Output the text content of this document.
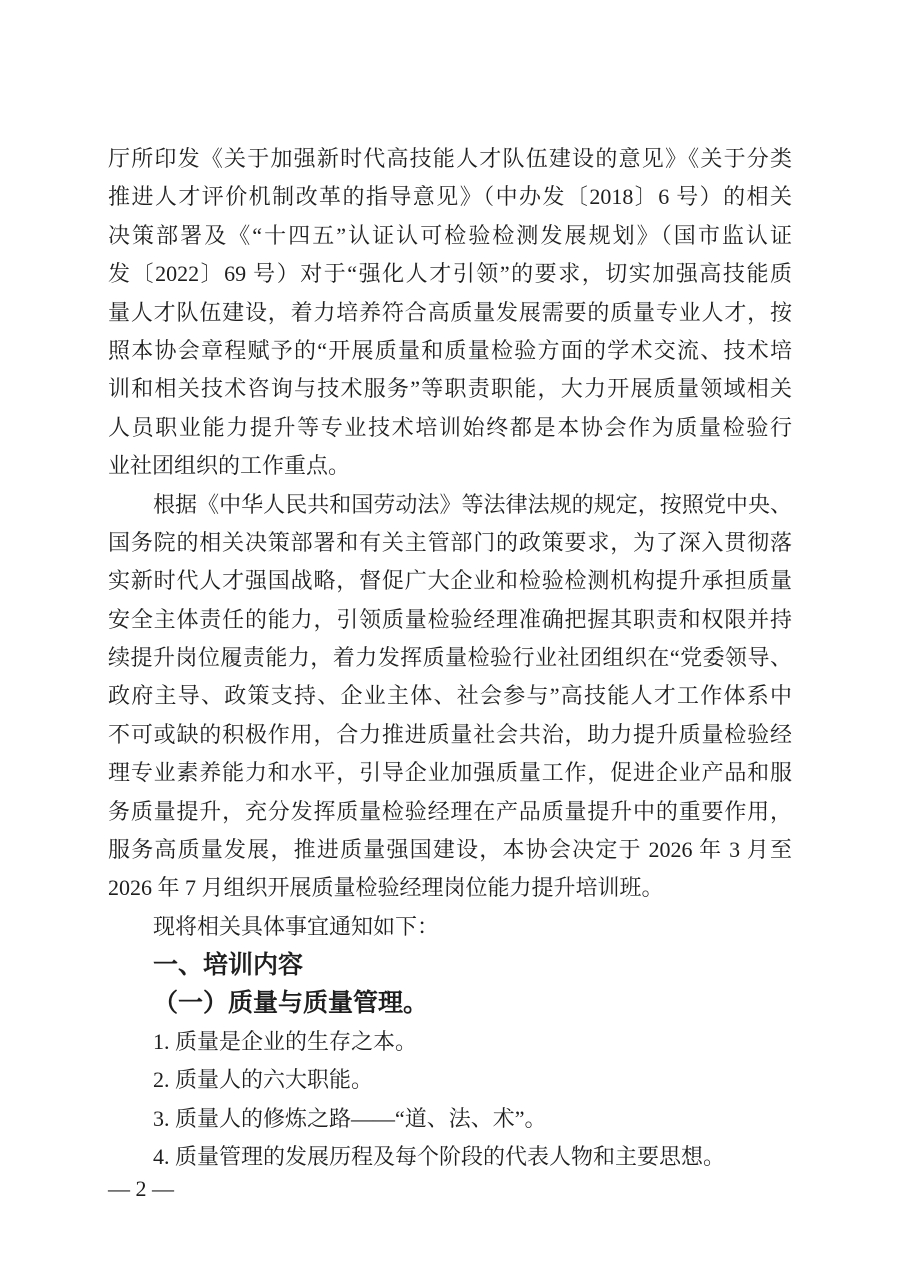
厅所印发《关于加强新时代高技能人才队伍建设的意见》《关于分类
推进人才评价机制改革的指导意见》（中办发〔2018〕6 号）的相关
决策部署及《“十四五”认证认可检验检测发展规划》（国市监认证
发〔2022〕69 号）对于“强化人才引领”的要求，切实加强高技能质
量人才队伍建设，着力培养符合高质量发展需要的质量专业人才，按
照本协会章程赋予的“开展质量和质量检验方面的学术交流、技术培
训和相关技术咨询与技术服务”等职责职能，大力开展质量领域相关
人员职业能力提升等专业技术培训始终都是本协会作为质量检验行
业社团组织的工作重点。
根据《中华人民共和国劳动法》等法律法规的规定，按照党中央、
国务院的相关决策部署和有关主管部门的政策要求，为了深入贯彻落
实新时代人才强国战略，督促广大企业和检验检测机构提升承担质量
安全主体责任的能力，引领质量检验经理准确把握其职责和权限并持
续提升岗位履责能力，着力发挥质量检验行业社团组织在“党委领导、
政府主导、政策支持、企业主体、社会参与”高技能人才工作体系中
不可或缺的积极作用，合力推进质量社会共治，助力提升质量检验经
理专业素养能力和水平，引导企业加强质量工作，促进企业产品和服
务质量提升，充分发挥质量检验经理在产品质量提升中的重要作用，
服务高质量发展，推进质量强国建设，本协会决定于 2026 年 3 月至
2026 年 7 月组织开展质量检验经理岗位能力提升培训班。
现将相关具体事宜通知如下：
一、培训内容
（一）质量与质量管理。
1. 质量是企业的生存之本。
2. 质量人的六大职能。
3. 质量人的修炼之路——“道、法、术”。
4. 质量管理的发展历程及每个阶段的代表人物和主要思想。
— 2 —
